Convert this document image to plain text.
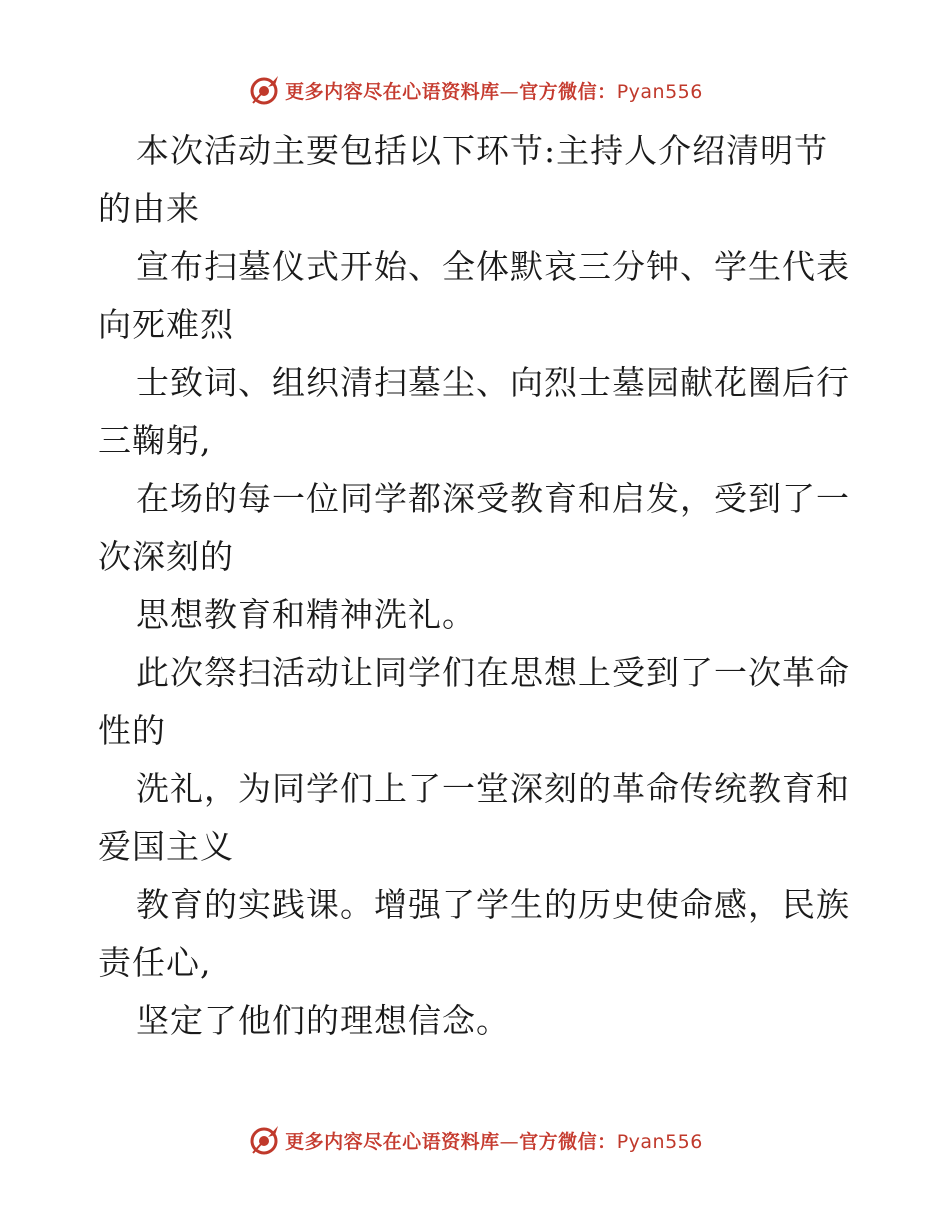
更多内容尽在心语资料库—官方微信：Pyan556

本次活动主要包括以下环节:主持人介绍清明节的由来

宣布扫墓仪式开始、全体默哀三分钟、学生代表向死难烈

士致词、组织清扫墓尘、向烈士墓园献花圈后行三鞠躬,

在场的每一位同学都深受教育和启发，受到了一次深刻的

思想教育和精神洗礼。

此次祭扫活动让同学们在思想上受到了一次革命性的

洗礼，为同学们上了一堂深刻的革命传统教育和爱国主义

教育的实践课。增强了学生的历史使命感，民族责任心,

坚定了他们的理想信念。

更多内容尽在心语资料库—官方微信：Pyan556
